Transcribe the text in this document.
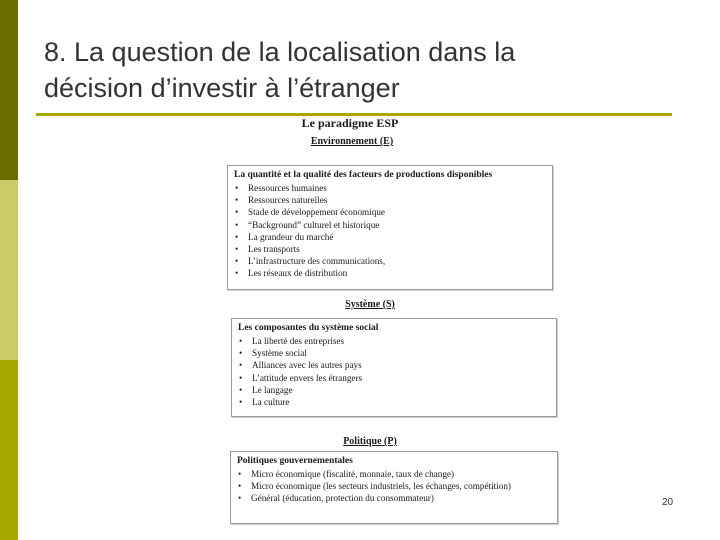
8. La question de la localisation dans la
décision d’investir à l’étranger
Le paradigme ESP
Environnement (E)
La quantité et la qualité des facteurs de productions disponibles
• Ressources humaines
• Ressources naturelles
• Stade de développement économique
• “Background” culturel et historique
• La grandeur du marché
• Les transports
• L’infrastructure des communications,
• Les réseaux de distribution
Système (S)
Les composantes du système social
• La liberté des entreprises
• Système social
• Alliances avec les autres pays
• L’attitude envers les étrangers
• Le langage
• La culture
Politique (P)
Politiques gouvernementales
• Micro économique (fiscalité, monnaie, taux de change)
• Micro économique (les secteurs industriels, les échanges, compétition)
• Général (éducation, protection du consommateur)	20
